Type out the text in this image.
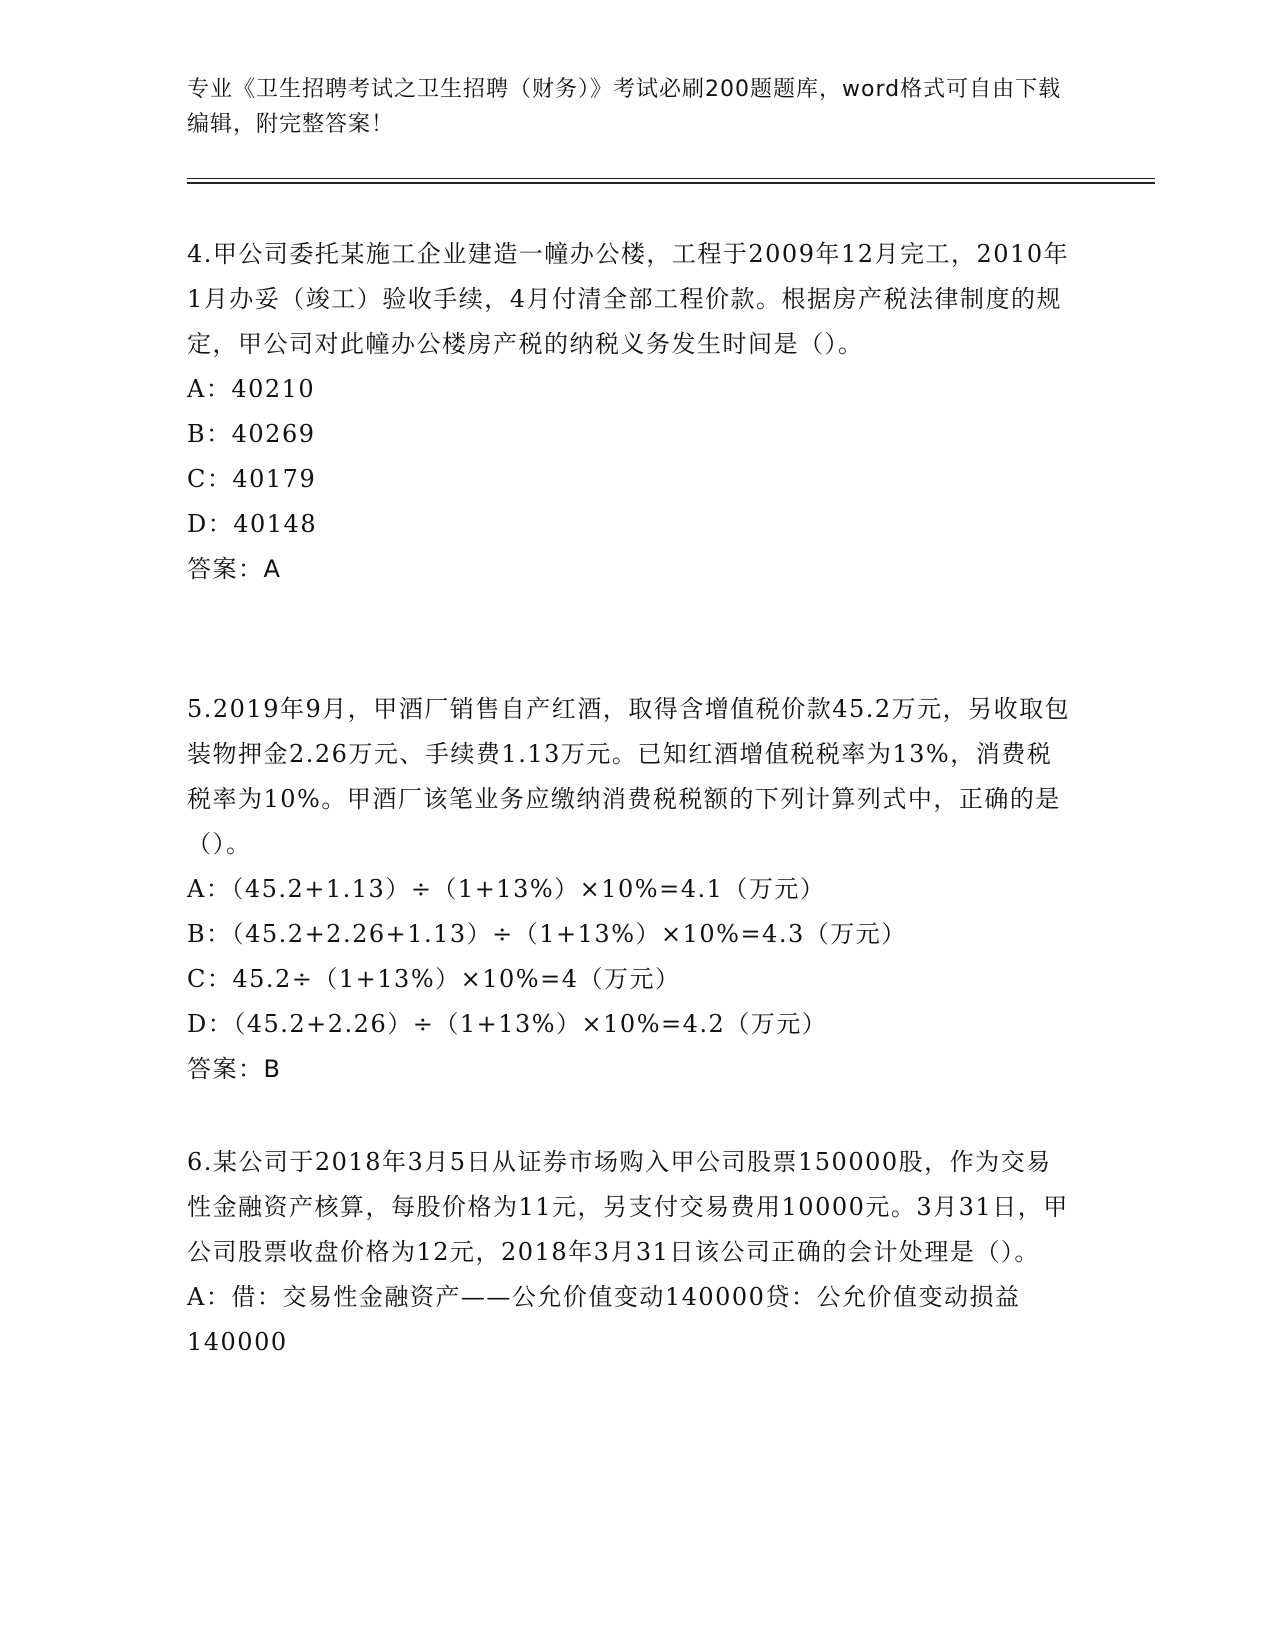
专业《卫生招聘考试之卫生招聘（财务）》考试必刷200题题库，word格式可自由下载编辑，附完整答案！

4.甲公司委托某施工企业建造一幢办公楼，工程于2009年12月完工，2010年1月办妥（竣工）验收手续，4月付清全部工程价款。根据房产税法律制度的规定，甲公司对此幢办公楼房产税的纳税义务发生时间是（）。

A：40210

B：40269

C：40179

D：40148

答案：A

5.2019年9月，甲酒厂销售自产红酒，取得含增值税价款45.2万元，另收取包装物押金2.26万元、手续费1.13万元。已知红酒增值税税率为13%，消费税税率为10%。甲酒厂该笔业务应缴纳消费税税额的下列计算列式中，正确的是（）。

A：（45.2+1.13）÷（1+13%）×10%=4.1（万元）

B：（45.2+2.26+1.13）÷（1+13%）×10%=4.3（万元）

C：45.2÷（1+13%）×10%=4（万元）

D：（45.2+2.26）÷（1+13%）×10%=4.2（万元）

答案：B

6.某公司于2018年3月5日从证券市场购入甲公司股票150000股，作为交易性金融资产核算，每股价格为11元，另支付交易费用10000元。3月31日，甲公司股票收盘价格为12元，2018年3月31日该公司正确的会计处理是（）。

A：借：交易性金融资产——公允价值变动140000贷：公允价值变动损益140000
